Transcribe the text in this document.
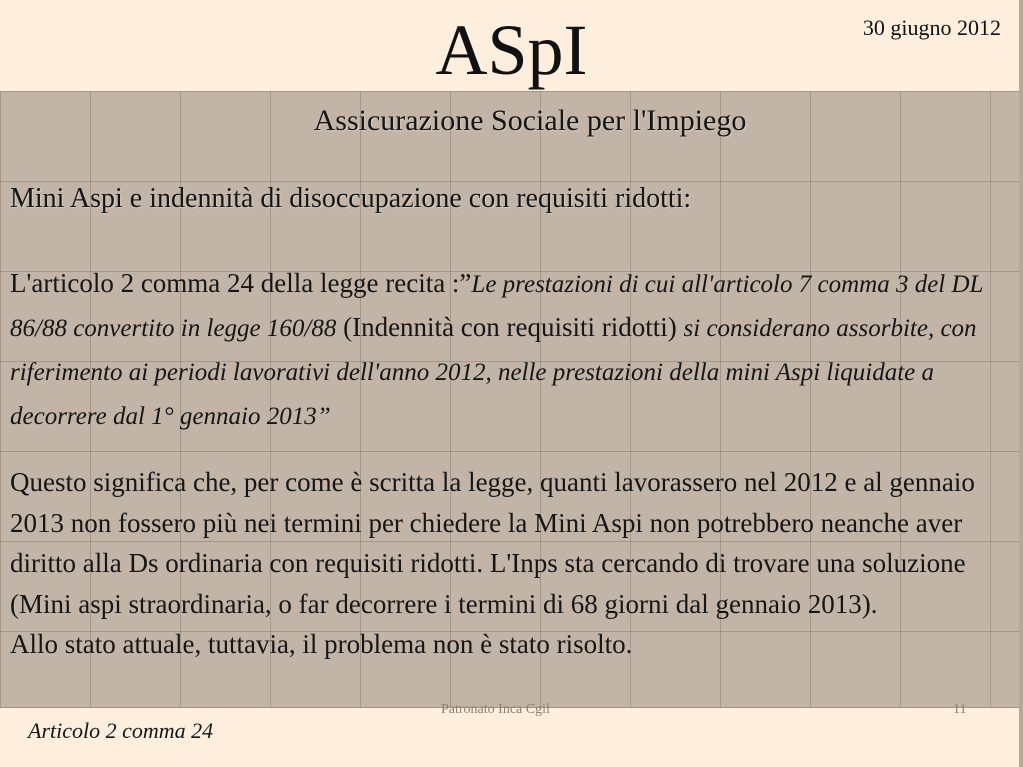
ASpI	30 giugno 2012
Assicurazione Sociale per l'Impiego
Mini Aspi e indennità di disoccupazione con requisiti ridotti:
L'articolo 2 comma 24 della legge recita :”Le prestazioni di cui all'articolo 7 comma 3 del DL 86/88 convertito in legge 160/88 (Indennità con requisiti ridotti) si considerano assorbite, con riferimento ai periodi lavorativi dell'anno 2012, nelle prestazioni della mini Aspi liquidate a decorrere dal 1° gennaio 2013”
Questo significa che, per come è scritta la legge, quanti lavorassero nel 2012 e al gennaio 2013 non fossero più nei termini per chiedere la Mini Aspi non potrebbero neanche aver diritto alla Ds ordinaria con requisiti ridotti. L'Inps sta cercando di trovare una soluzione (Mini aspi straordinaria, o far decorrere i termini di 68 giorni dal gennaio 2013).
Allo stato attuale, tuttavia, il problema non è stato risolto.
Patronato Inca Cgil	11
Articolo 2 comma 24
